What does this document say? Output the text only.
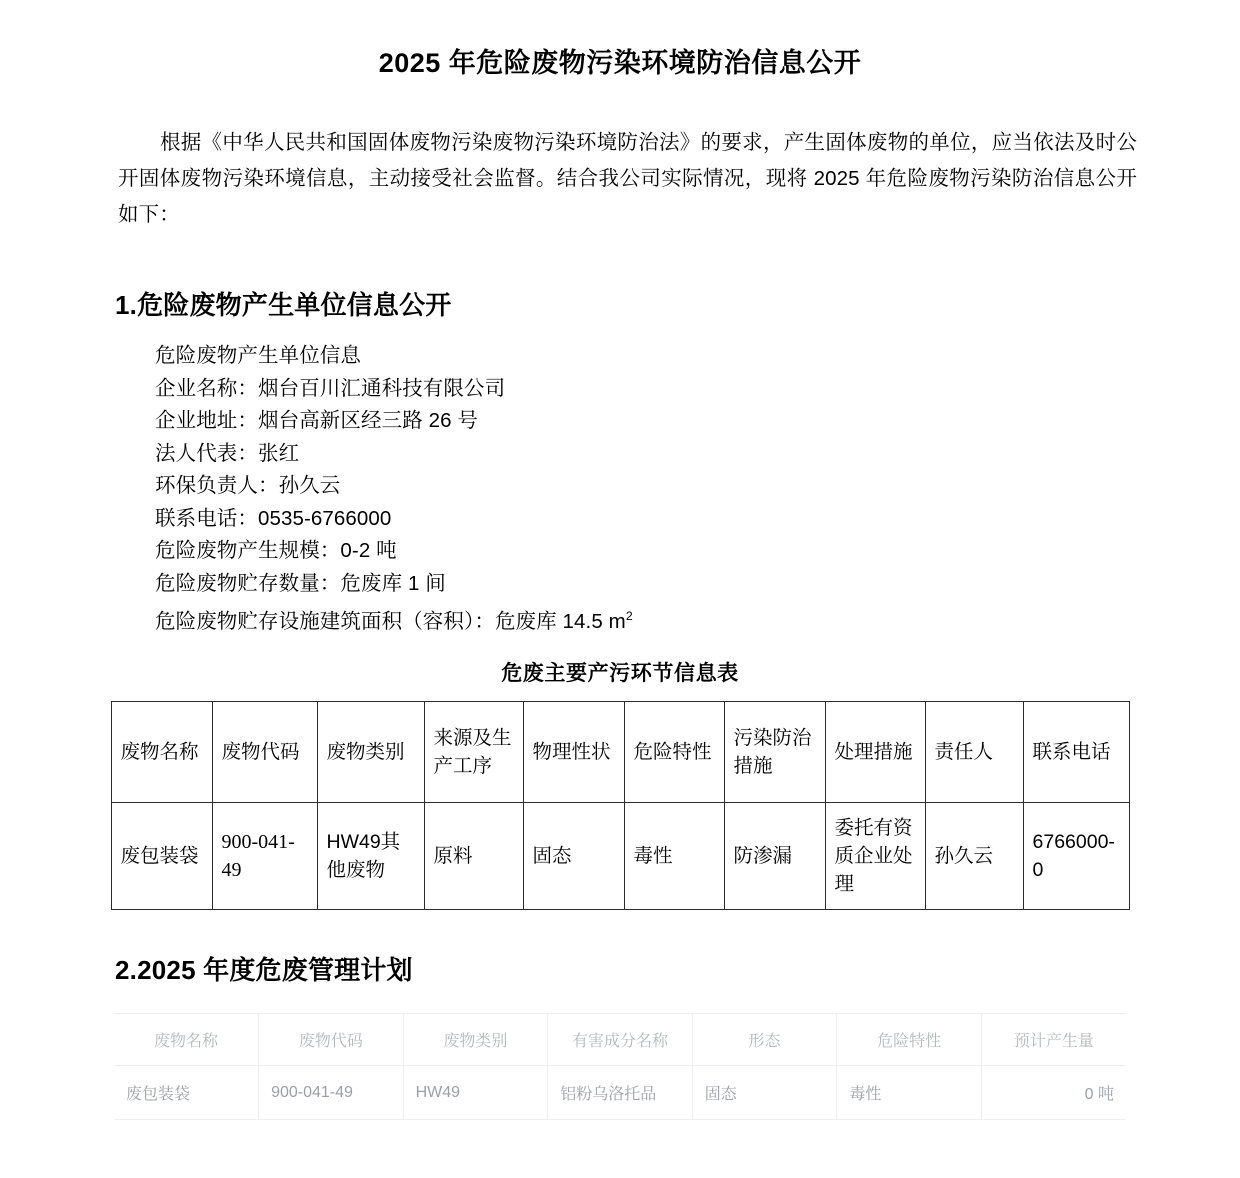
2025 年危险废物污染环境防治信息公开

根据《中华人民共和国固体废物污染废物污染环境防治法》的要求，产生固体废物的单位，应当依法及时公开固体废物污染环境信息，主动接受社会监督。结合我公司实际情况，现将 2025 年危险废物污染防治信息公开如下：

1.危险废物产生单位信息公开
危险废物产生单位信息
企业名称：烟台百川汇通科技有限公司
企业地址：烟台高新区经三路 26 号
法人代表：张红
环保负责人：孙久云
联系电话：0535-6766000
危险废物产生规模：0-2 吨
危险废物贮存数量：危废库 1 间
危险废物贮存设施建筑面积（容积）：危废库 14.5 $m^2$

危废主要产污环节信息表

废物名称	废物代码	废物类别	来源及生产工序	物理性状	危险特性	污染防治措施	处理措施	责任人	联系电话
废包装袋	900-041-49	HW49其他废物	原料	固态	毒性	防渗漏	委托有资质企业处理	孙久云	6766000-0
2.2025 年度危废管理计划
废物名称	废物代码	废物类别	有害成分名称	形态	危险特性	预计产生量
废包装袋	900-041-49	HW49	铝粉乌洛托品	固态	毒性	0 吨
